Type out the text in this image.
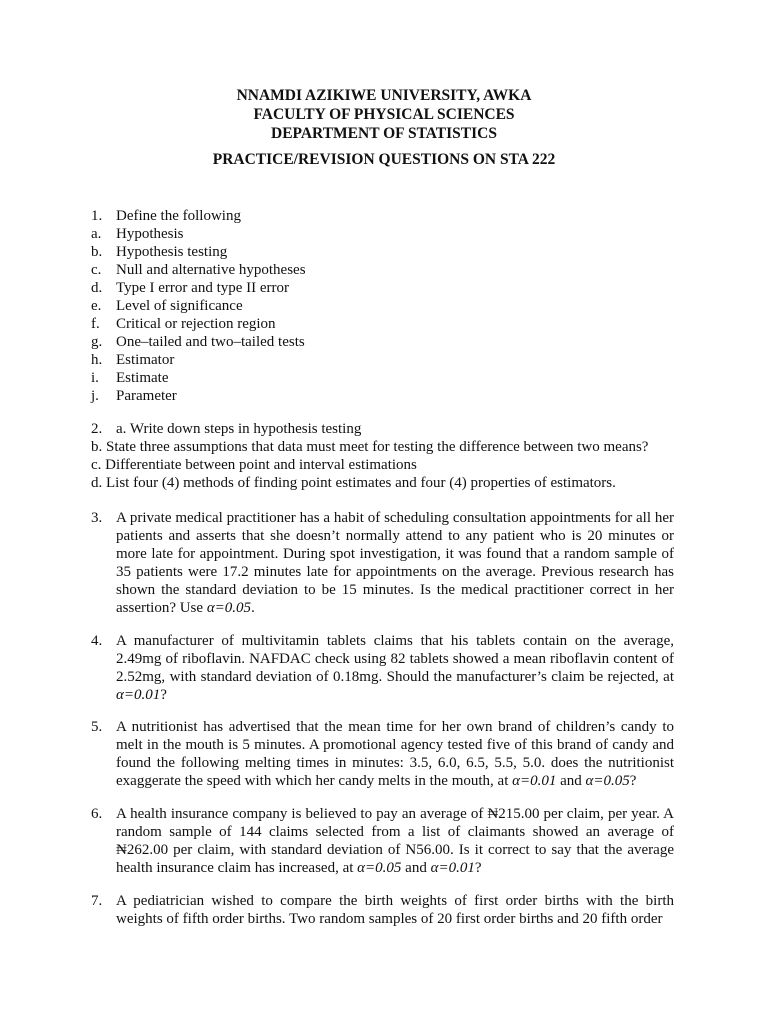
NNAMDI AZIKIWE UNIVERSITY, AWKA
FACULTY OF PHYSICAL SCIENCES
DEPARTMENT OF STATISTICS
PRACTICE/REVISION QUESTIONS ON STA 222
1. Define the following
a. Hypothesis
b. Hypothesis testing
c. Null and alternative hypotheses
d. Type I error and type II error
e. Level of significance
f. Critical or rejection region
g. One–tailed and two–tailed tests
h. Estimator
i. Estimate
j. Parameter
2. a. Write down steps in hypothesis testing
b. State three assumptions that data must meet for testing the difference between two means?
c. Differentiate between point and interval estimations
d. List four (4) methods of finding point estimates and four (4) properties of estimators.
3. A private medical practitioner has a habit of scheduling consultation appointments for all her patients and asserts that she doesn’t normally attend to any patient who is 20 minutes or more late for appointment. During spot investigation, it was found that a random sample of 35 patients were 17.2 minutes late for appointments on the average. Previous research has shown the standard deviation to be 15 minutes. Is the medical practitioner correct in her assertion? Use α=0.05.
4. A manufacturer of multivitamin tablets claims that his tablets contain on the average, 2.49mg of riboflavin. NAFDAC check using 82 tablets showed a mean riboflavin content of 2.52mg, with standard deviation of 0.18mg. Should the manufacturer’s claim be rejected, at α=0.01?
5. A nutritionist has advertised that the mean time for her own brand of children’s candy to melt in the mouth is 5 minutes. A promotional agency tested five of this brand of candy and found the following melting times in minutes: 3.5, 6.0, 6.5, 5.5, 5.0. does the nutritionist exaggerate the speed with which her candy melts in the mouth, at α=0.01 and α=0.05?
6. A health insurance company is believed to pay an average of ₦215.00 per claim, per year. A random sample of 144 claims selected from a list of claimants showed an average of ₦262.00 per claim, with standard deviation of N56.00. Is it correct to say that the average health insurance claim has increased, at α=0.05 and α=0.01?
7. A pediatrician wished to compare the birth weights of first order births with the birth weights of fifth order births. Two random samples of 20 first order births and 20 fifth order
